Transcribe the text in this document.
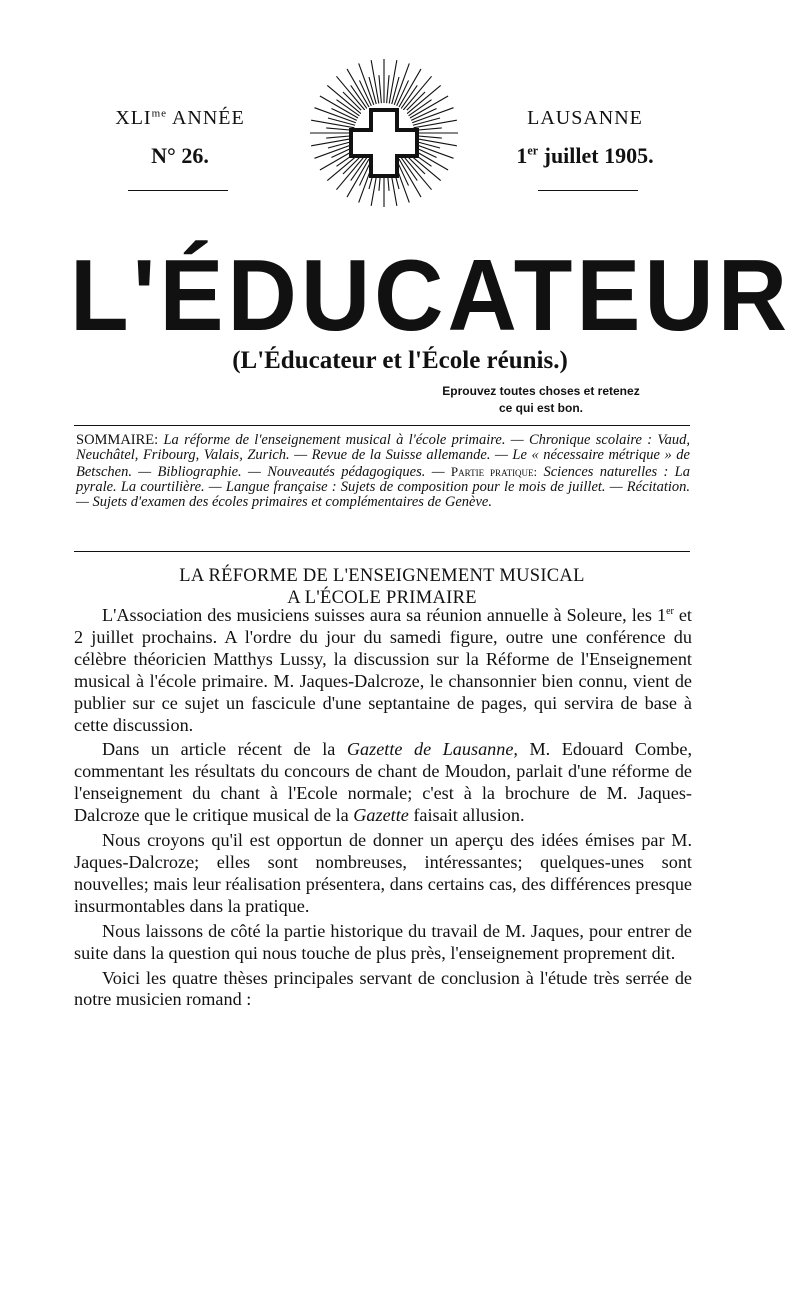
$XLI^{me}$ ANNÉE
N° 26.
LAUSANNE
1er juillet 1905.
L'ÉDUCATEUR
(L'Éducateur et l'École réunis.)
Eprouvez toutes choses et retenez
ce qui est bon.
SOMMAIRE: La réforme de l'enseignement musical à l'école primaire. — Chronique scolaire : Vaud, Neuchâtel, Fribourg, Valais, Zurich. — Revue de la Suisse allemande. — Le « nécessaire métrique » de Betschen. — Bibliographie. — Nouveautés pédagogiques. — Partie pratique: Sciences naturelles : La pyrale. La courtilière. — Langue française : Sujets de composition pour le mois de juillet. — Récitation. — Sujets d'examen des écoles primaires et complémentaires de Genève.
LA RÉFORME DE L'ENSEIGNEMENT MUSICAL
A L'ÉCOLE PRIMAIRE

L'Association des musiciens suisses aura sa réunion annuelle à Soleure, les 1er et 2 juillet prochains. A l'ordre du jour du samedi figure, outre une conférence du célèbre théoricien Matthys Lussy, la discussion sur la Réforme de l'Enseignement musical à l'école primaire. M. Jaques-Dalcroze, le chansonnier bien connu, vient de publier sur ce sujet un fascicule d'une septantaine de pages, qui servira de base à cette discussion.

Dans un article récent de la Gazette de Lausanne, M. Edouard Combe, commentant les résultats du concours de chant de Moudon, parlait d'une réforme de l'enseignement du chant à l'Ecole normale; c'est à la brochure de M. Jaques-Dalcroze que le critique musical de la Gazette faisait allusion.

Nous croyons qu'il est opportun de donner un aperçu des idées émises par M. Jaques-Dalcroze; elles sont nombreuses, intéressantes; quelques-unes sont nouvelles; mais leur réalisation présentera, dans certains cas, des différences presque insurmontables dans la pratique.

Nous laissons de côté la partie historique du travail de M. Jaques, pour entrer de suite dans la question qui nous touche de plus près, l'enseignement proprement dit.

Voici les quatre thèses principales servant de conclusion à l'étude très serrée de notre musicien romand :
